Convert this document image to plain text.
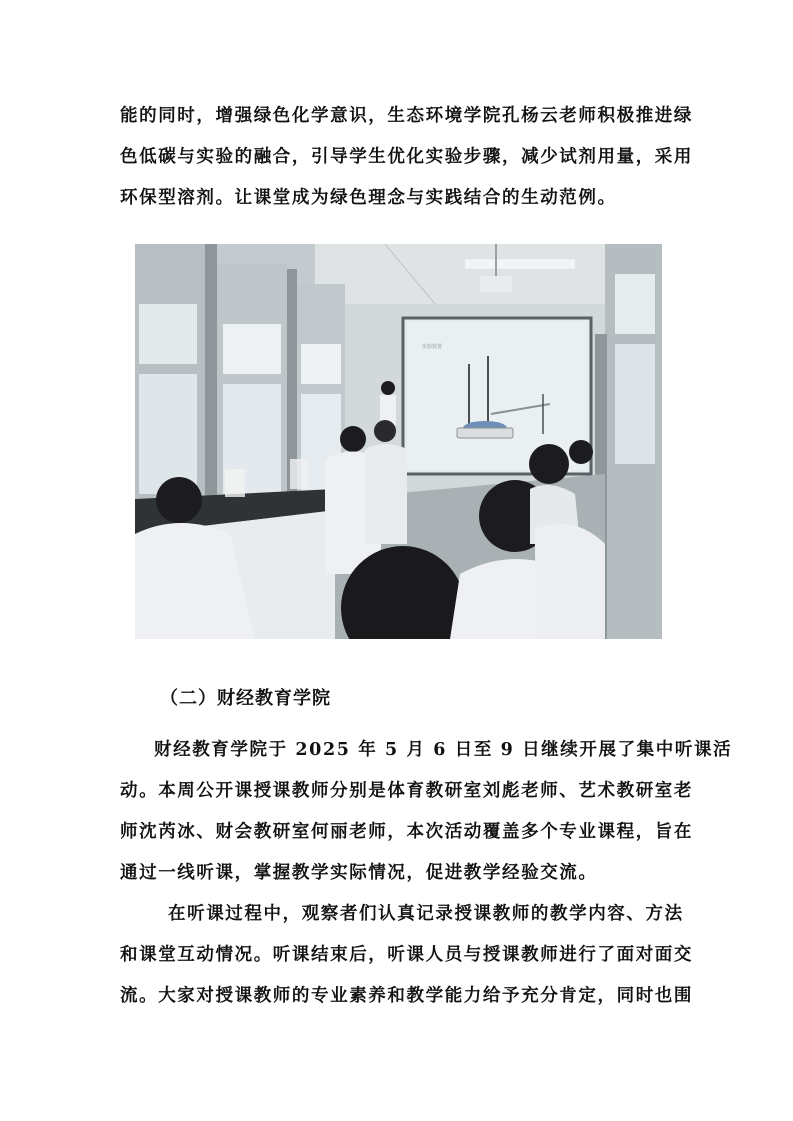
能的同时，增强绿色化学意识，生态环境学院孔杨云老师积极推进绿
色低碳与实验的融合，引导学生优化实验步骤，减少试剂用量，采用
环保型溶剂。让课堂成为绿色理念与实践结合的生动范例。
实验装置
（二）财经教育学院
财经教育学院于 2025 年 5 月 6 日至 9 日继续开展了集中听课活
动。本周公开课授课教师分别是体育教研室刘彪老师、艺术教研室老
师沈芮冰、财会教研室何丽老师，本次活动覆盖多个专业课程，旨在
通过一线听课，掌握教学实际情况，促进教学经验交流。
在听课过程中，观察者们认真记录授课教师的教学内容、方法
和课堂互动情况。听课结束后，听课人员与授课教师进行了面对面交
流。大家对授课教师的专业素养和教学能力给予充分肯定，同时也围
